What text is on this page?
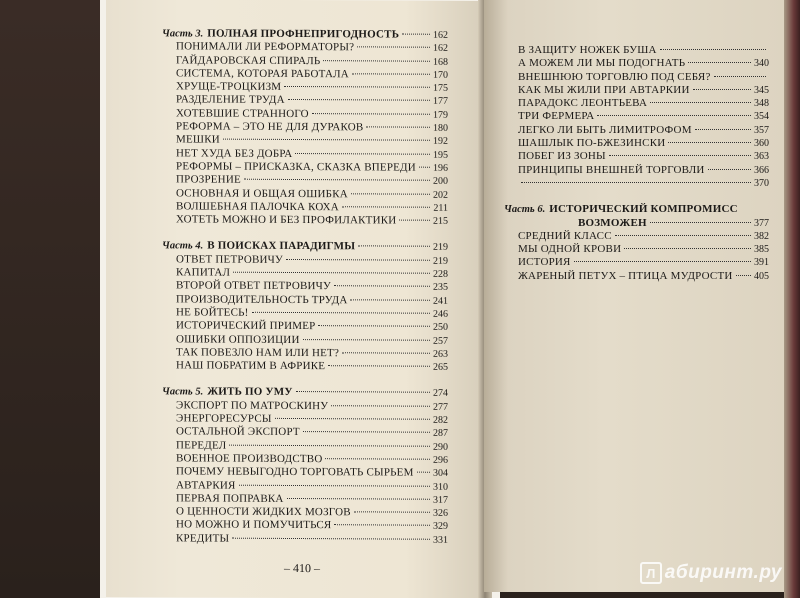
Часть 3. ПОЛНАЯ ПРОФНЕПРИГОДНОСТЬ	162
ПОНИМАЛИ ЛИ РЕФОРМАТОРЫ?	162
ГАЙДАРОВСКАЯ СПИРАЛЬ	168
СИСТЕМА, КОТОРАЯ РАБОТАЛА	170
ХРУЩЕ-ТРОЦКИЗМ	175
РАЗДЕЛЕНИЕ ТРУДА	177
ХОТЕВШИЕ СТРАННОГО	179
РЕФОРМА – ЭТО НЕ ДЛЯ ДУРАКОВ	180
МЕШКИ	192
НЕТ ХУДА БЕЗ ДОБРА	195
РЕФОРМЫ – ПРИСКАЗКА, СКАЗКА ВПЕРЕДИ 196
ПРОЗРЕНИЕ	200
ОСНОВНАЯ И ОБЩАЯ ОШИБКА	202
ВОЛШЕБНАЯ ПАЛОЧКА КОХА	211
ХОТЕТЬ МОЖНО И БЕЗ ПРОФИЛАКТИКИ	215
Часть 4. В ПОИСКАХ ПАРАДИГМЫ	219
ОТВЕТ ПЕТРОВИЧУ	219
КАПИТАЛ	228
ВТОРОЙ ОТВЕТ ПЕТРОВИЧУ	235
ПРОИЗВОДИТЕЛЬНОСТЬ ТРУДА	241
НЕ БОЙТЕСЬ!	246
ИСТОРИЧЕСКИЙ ПРИМЕР	250
ОШИБКИ ОППОЗИЦИИ	257
ТАК ПОВЕЗЛО НАМ ИЛИ НЕТ?	263
НАШ ПОБРАТИМ В АФРИКЕ	265
Часть 5. ЖИТЬ ПО УМУ	274
ЭКСПОРТ ПО МАТРОСКИНУ	277
ЭНЕРГОРЕСУРСЫ	282
ОСТАЛЬНОЙ ЭКСПОРТ	287
ПЕРЕДЕЛ	290
ВОЕННОЕ ПРОИЗВОДСТВО	296
ПОЧЕМУ НЕВЫГОДНО ТОРГОВАТЬ СЫРЬЕМ 304
АВТАРКИЯ	310
ПЕРВАЯ ПОПРАВКА	317
О ЦЕННОСТИ ЖИДКИХ МОЗГОВ	326
НО МОЖНО И ПОМУЧИТЬСЯ	329
КРЕДИТЫ	331
– 410 –
В ЗАЩИТУ НОЖЕК БУША
А МОЖЕМ ЛИ МЫ ПОДОГНАТЬ	340
ВНЕШНЮЮ ТОРГОВЛЮ ПОД СЕБЯ?
КАК МЫ ЖИЛИ ПРИ АВТАРКИИ	345
ПАРАДОКС ЛЕОНТЬЕВА	348
ТРИ ФЕРМЕРА	354
ЛЕГКО ЛИ БЫТЬ ЛИМИТРОФОМ	357
ШАШЛЫК ПО-БЖЕЗИНСКИ	360
ПОБЕГ ИЗ ЗОНЫ	363
ПРИНЦИПЫ ВНЕШНЕЙ ТОРГОВЛИ	366
370
Часть 6. ИСТОРИЧЕСКИЙ КОМПРОМИСС
ВОЗМОЖЕН	377
СРЕДНИЙ КЛАСС	382
МЫ ОДНОЙ КРОВИ	385
ИСТОРИЯ	391
ЖАРЕНЫЙ ПЕТУХ – ПТИЦА МУДРОСТИ 405
Л абиринт.ру
